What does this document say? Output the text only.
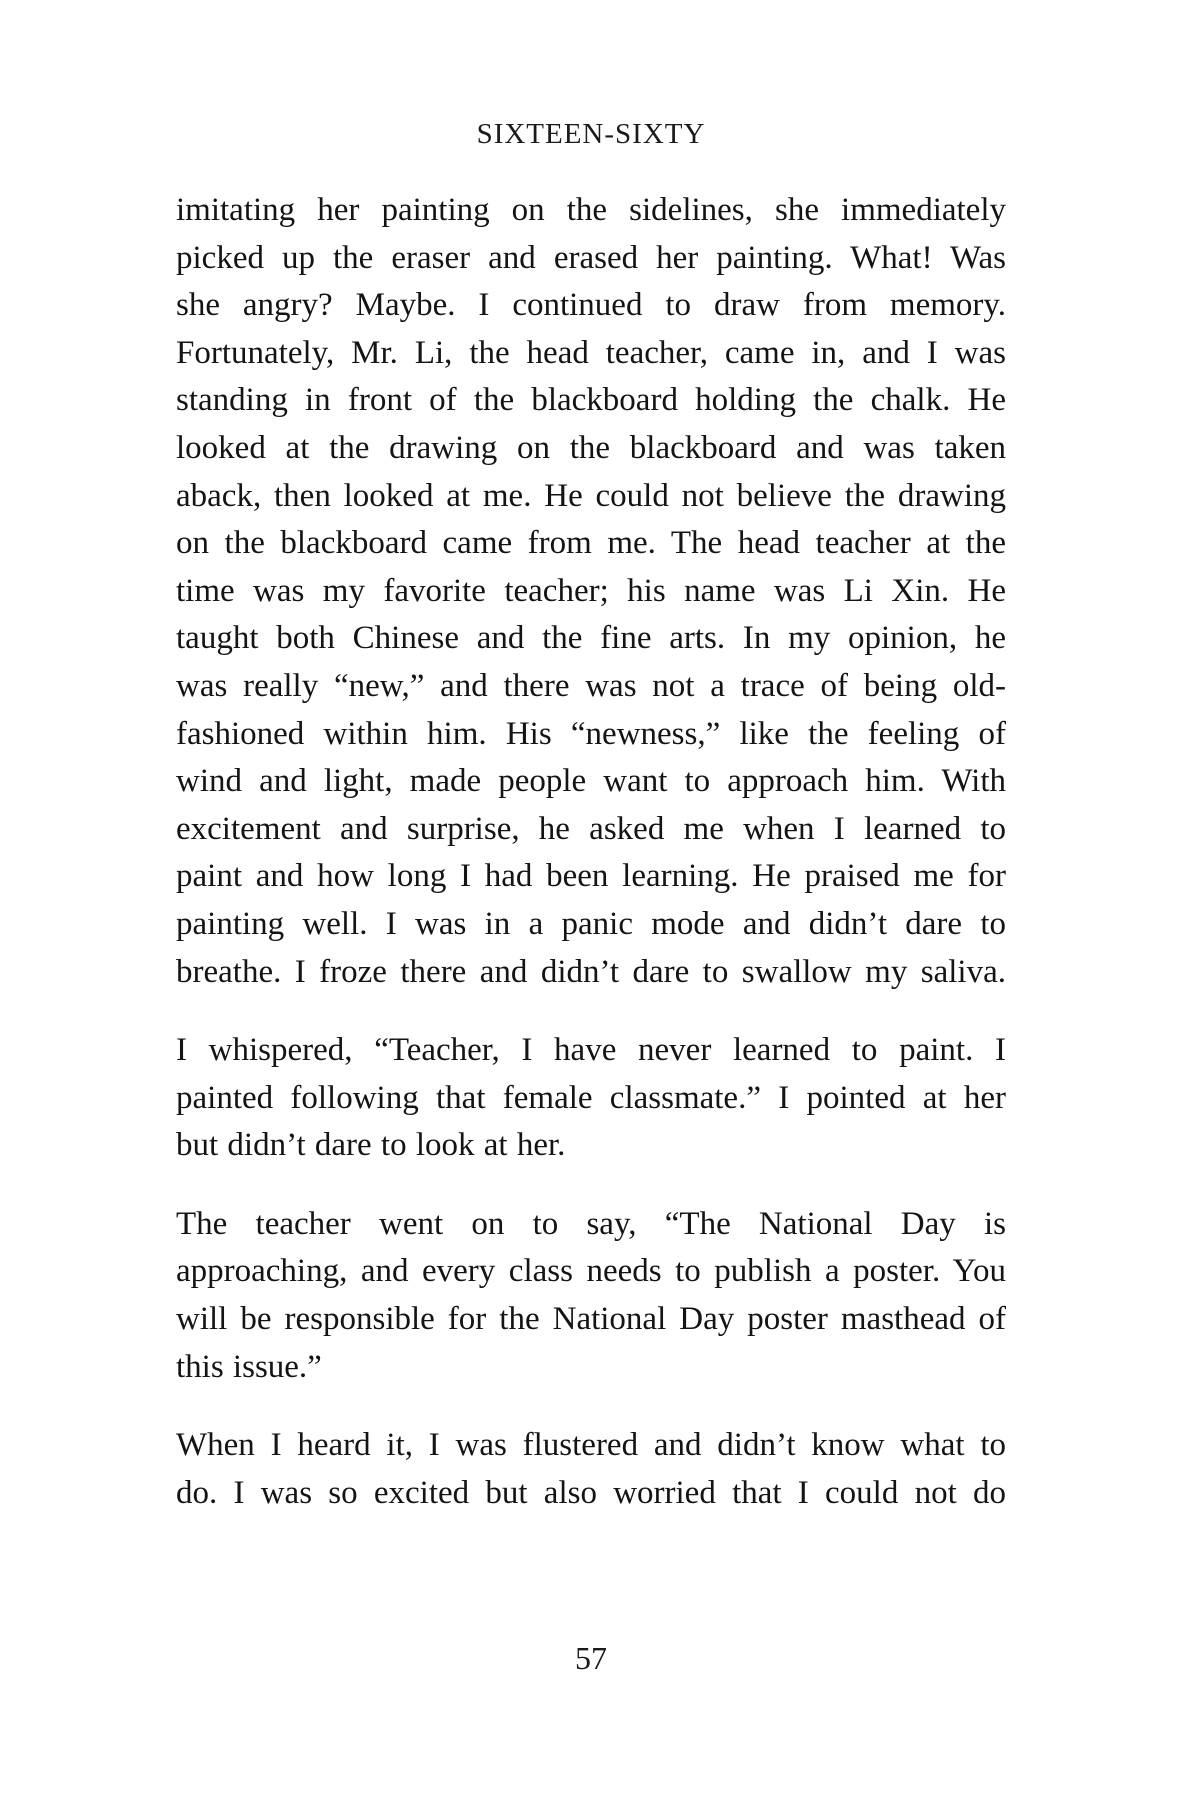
SIXTEEN-SIXTY
imitating her painting on the sidelines, she immediately
picked up the eraser and erased her painting. What! Was
she angry? Maybe. I continued to draw from memory.
Fortunately, Mr. Li, the head teacher, came in, and I was
standing in front of the blackboard holding the chalk. He
looked at the drawing on the blackboard and was taken
aback, then looked at me. He could not believe the drawing
on the blackboard came from me. The head teacher at the
time was my favorite teacher; his name was Li Xin. He
taught both Chinese and the fine arts. In my opinion, he
was really “new,” and there was not a trace of being old-
fashioned within him. His “newness,” like the feeling of
wind and light, made people want to approach him. With
excitement and surprise, he asked me when I learned to
paint and how long I had been learning. He praised me for
painting well. I was in a panic mode and didn’t dare to
breathe. I froze there and didn’t dare to swallow my saliva.
I whispered, “Teacher, I have never learned to paint. I
painted following that female classmate.” I pointed at her
but didn’t dare to look at her.
The teacher went on to say, “The National Day is
approaching, and every class needs to publish a poster. You
will be responsible for the National Day poster masthead of
this issue.”
When I heard it, I was flustered and didn’t know what to
do. I was so excited but also worried that I could not do
57
